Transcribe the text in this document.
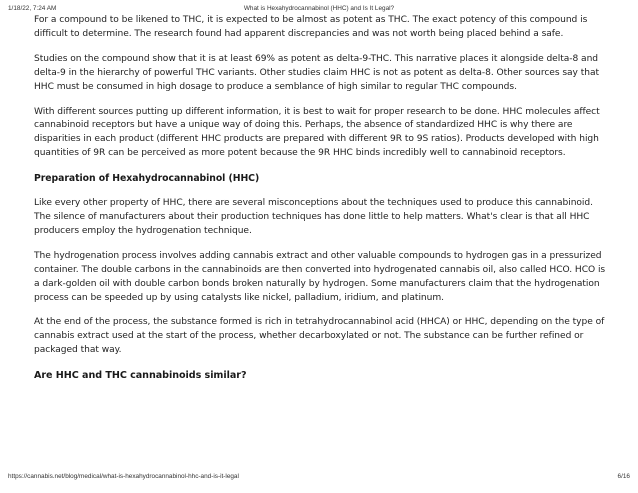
1/18/22, 7:24 AM	What is Hexahydrocannabinol (HHC) and Is It Legal?

For a compound to be likened to THC, it is expected to be almost as potent as THC. The exact potency of this compound is difficult to determine. The research found had apparent discrepancies and was not worth being placed behind a safe.

Studies on the compound show that it is at least 69% as potent as delta-9-THC. This narrative places it alongside delta-8 and delta-9 in the hierarchy of powerful THC variants. Other studies claim HHC is not as potent as delta-8. Other sources say that HHC must be consumed in high dosage to produce a semblance of high similar to regular THC compounds.

With different sources putting up different information, it is best to wait for proper research to be done. HHC molecules affect cannabinoid receptors but have a unique way of doing this. Perhaps, the absence of standardized HHC is why there are disparities in each product (different HHC products are prepared with different 9R to 9S ratios). Products developed with high quantities of 9R can be perceived as more potent because the 9R HHC binds incredibly well to cannabinoid receptors.

Preparation of Hexahydrocannabinol (HHC)

Like every other property of HHC, there are several misconceptions about the techniques used to produce this cannabinoid. The silence of manufacturers about their production techniques has done little to help matters. What's clear is that all HHC producers employ the hydrogenation technique.

The hydrogenation process involves adding cannabis extract and other valuable compounds to hydrogen gas in a pressurized container. The double carbons in the cannabinoids are then converted into hydrogenated cannabis oil, also called HCO. HCO is a dark-golden oil with double carbon bonds broken naturally by hydrogen. Some manufacturers claim that the hydrogenation process can be speeded up by using catalysts like nickel, palladium, iridium, and platinum.

At the end of the process, the substance formed is rich in tetrahydrocannabinol acid (HHCA) or HHC, depending on the type of cannabis extract used at the start of the process, whether decarboxylated or not. The substance can be further refined or packaged that way.

Are HHC and THC cannabinoids similar?
https://cannabis.net/blog/medical/what-is-hexahydrocannabinol-hhc-and-is-it-legal	6/16
